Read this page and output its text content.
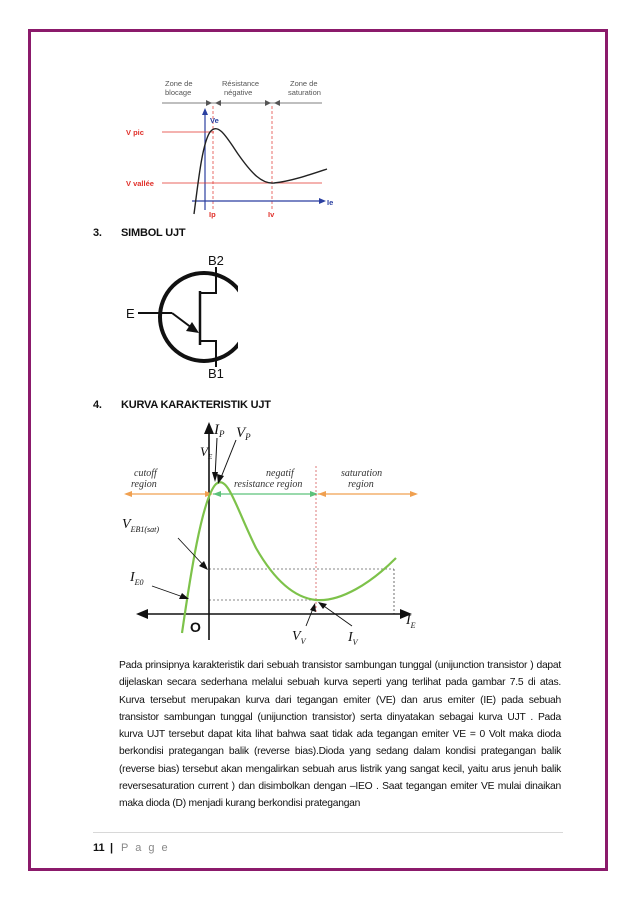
Zone de
blocage
Résistance
négative
Zone de
saturation
Ve
Ie
V pic
V vallée
Ip	Iv
3. SIMBOL UJT
B2
E
B1
4. KURVA KARAKTERISTIK UJT
$I_P$ $V_P$
$V_E$
cutoff
region
negatif
resistance region
saturation
region
$V_{EB1(sat)}$
$I_{E0}$
$I_E$
O
$V_V$	$I_V$

Pada prinsipnya karakteristik dari sebuah transistor sambungan tunggal (unijunction transistor ) dapat dijelaskan secara sederhana melalui sebuah kurva seperti yang terlihat pada gambar 7.5 di atas. Kurva tersebut merupakan kurva dari tegangan emiter (VE) dan arus emiter (IE) pada sebuah transistor sambungan tunggal (unijunction transistor) serta dinyatakan sebagai kurva UJT . Pada kurva UJT tersebut dapat kita lihat bahwa saat tidak ada tegangan emiter VE = 0 Volt maka dioda berkondisi prategangan balik (reverse bias).Dioda yang sedang dalam kondisi prategangan balik (reverse bias) tersebut akan mengalirkan sebuah arus listrik yang sangat kecil, yaitu arus jenuh balik reversesaturation current ) dan disimbolkan dengan –IEO . Saat tegangan emiter VE mulai dinaikan maka dioda (D) menjadi kurang berkondisi prategangan

11 | P a g e
